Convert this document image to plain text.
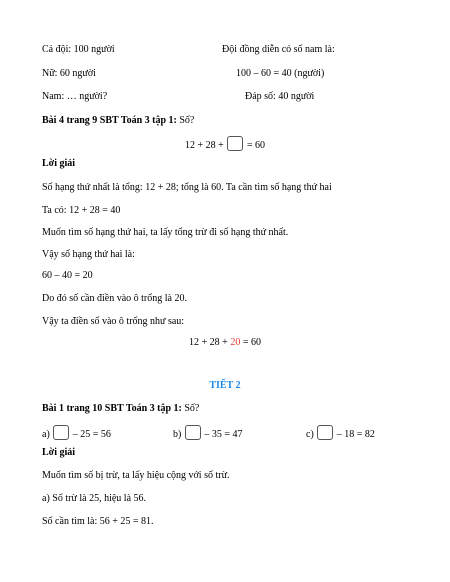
Cả đội: 100 người	Đội đồng diễn có số nam là:
Nữ: 60 người	100 – 60 = 40 (người)
Nam: … người?	Đáp số: 40 người
Bài 4 trang 9 SBT Toán 3 tập 1: Số?
12 + 28 +  = 60
Lời giải
Số hạng thứ nhất là tổng: 12 + 28; tổng là 60. Ta cần tìm số hạng thứ hai
Ta có: 12 + 28 = 40
Muốn tìm số hạng thứ hai, ta lấy tổng trừ đi số hạng thứ nhất.
Vậy số hạng thứ hai là:
60 – 40 = 20
Do đó số cần điền vào ô trống là 20.
Vậy ta điền số vào ô trống như sau:
12 + 28 + 20 = 60
TIẾT 2
Bài 1 trang 10 SBT Toán 3 tập 1: Số?
a)  – 25 = 56	b)  – 35 = 47	c)  – 18 = 82
Lời giải
Muốn tìm số bị trừ, ta lấy hiệu cộng với số trừ.
a) Số trừ là 25, hiệu là 56.
Số cần tìm là: 56 + 25 = 81.
